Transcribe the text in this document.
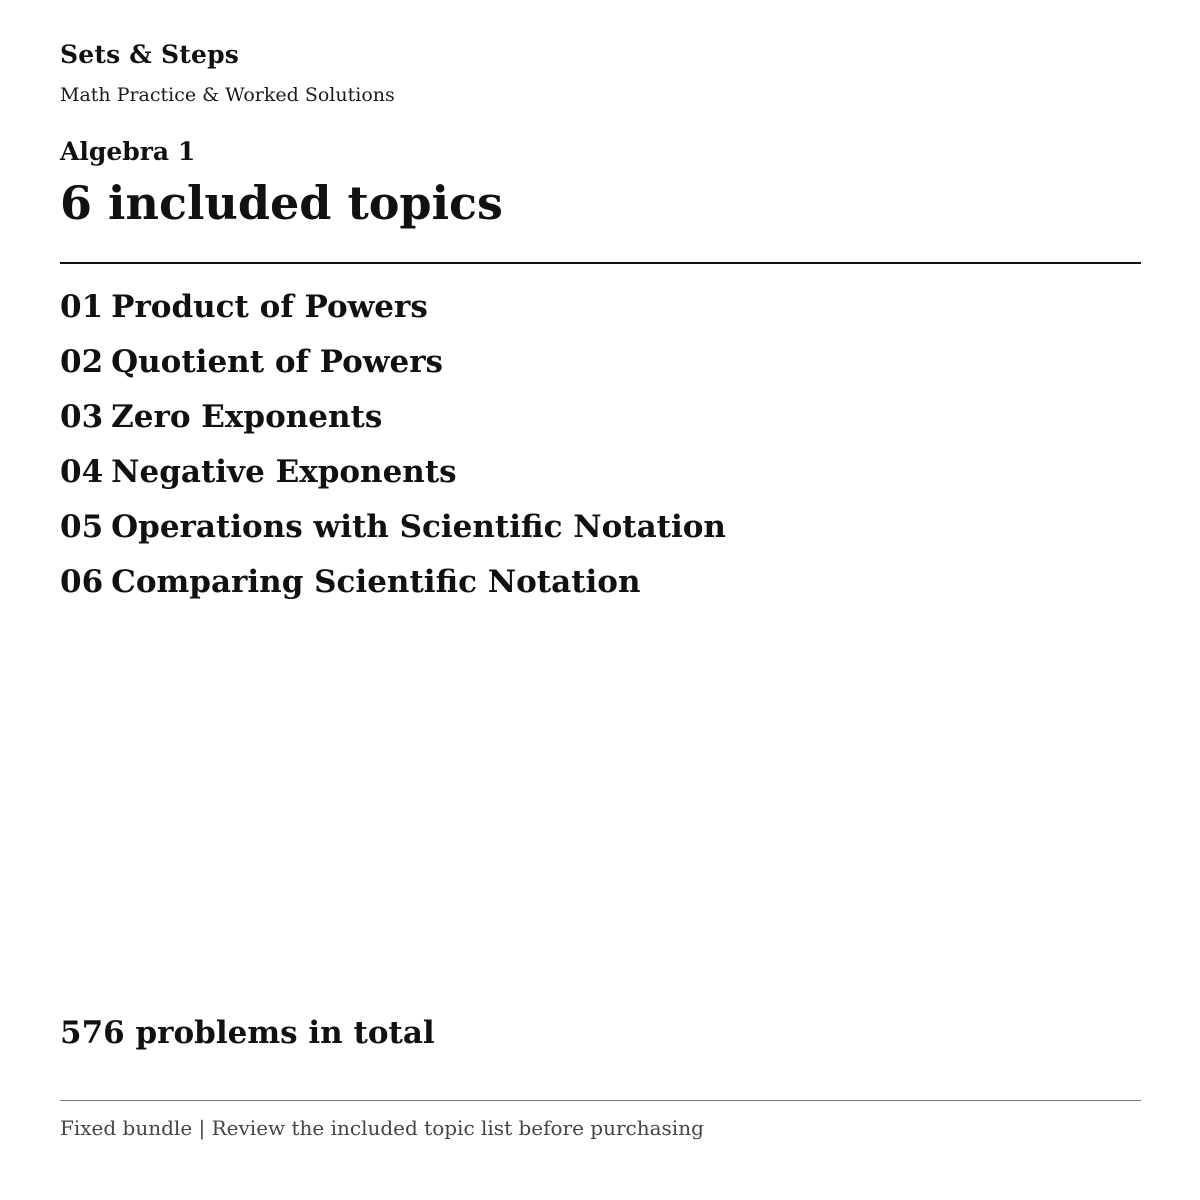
Sets & Steps
Math Practice & Worked Solutions
Algebra 1
6 included topics
01 Product of Powers
02 Quotient of Powers
03 Zero Exponents
04 Negative Exponents
05 Operations with Scientific Notation
06 Comparing Scientific Notation
576 problems in total
Fixed bundle | Review the included topic list before purchasing
